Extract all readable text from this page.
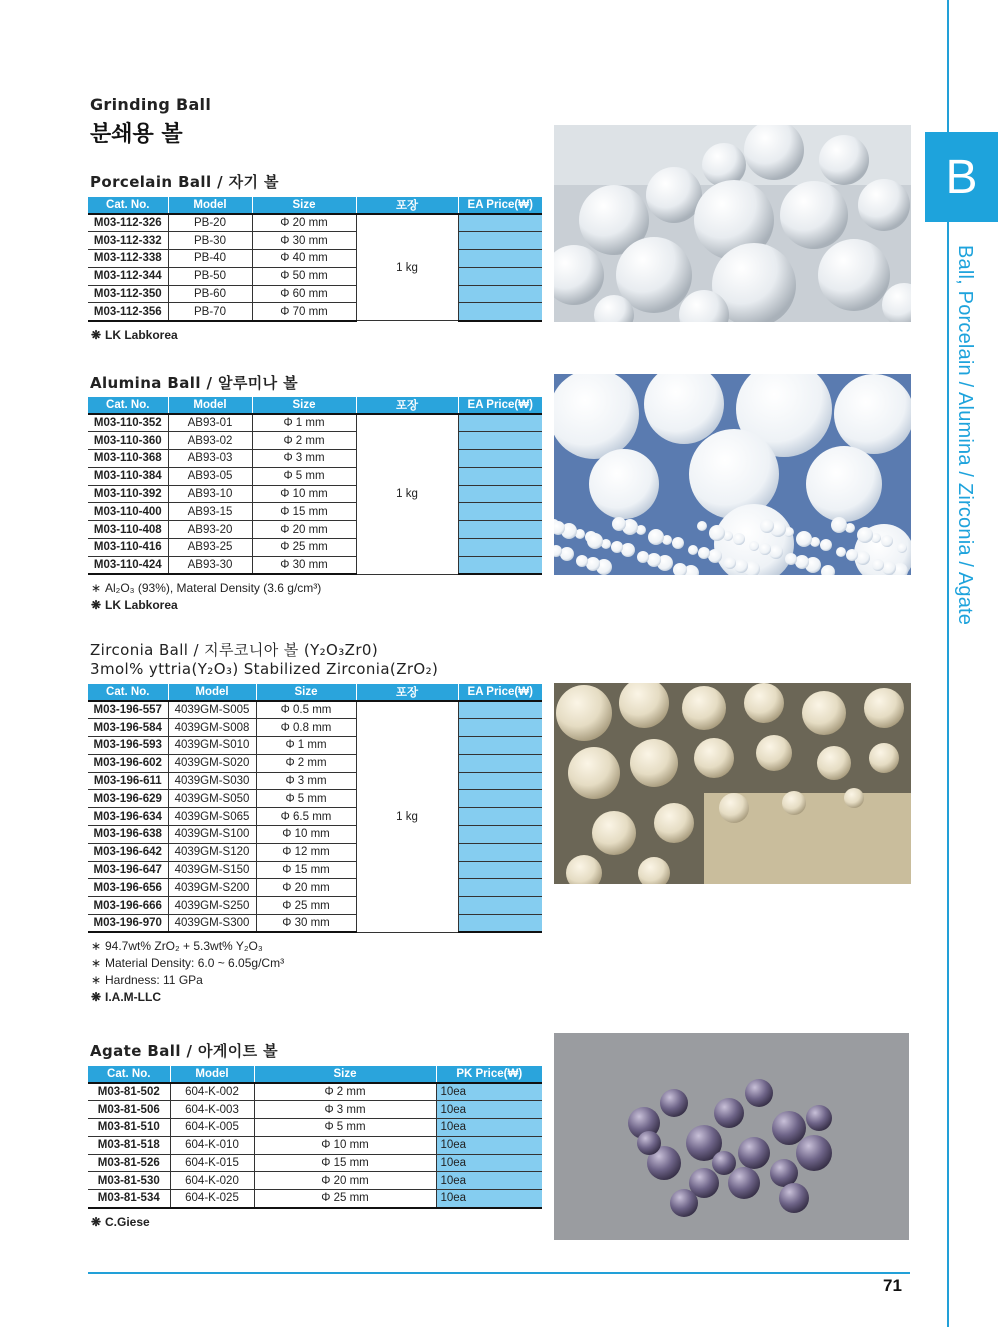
B
Ball, Porcelain / Alumina / Zirconia / Agate
Grinding Ball
분쇄용 볼
Porcelain Ball / 자기 볼
Cat. No.	Model	Size	포장	EA Price(₩)
M03-112-326	PB-20	Φ 20 mm	1 kg	
M03-112-332	PB-30	Φ 30 mm		
M03-112-338	PB-40	Φ 40 mm		
M03-112-344	PB-50	Φ 50 mm		
M03-112-350	PB-60	Φ 60 mm		
M03-112-356	PB-70	Φ 70 mm		
❋ LK Labkorea
Alumina Ball / 알루미나 볼
Cat. No.	Model	Size	포장	EA Price(₩)
M03-110-352	AB93-01	Φ 1 mm	1 kg	
M03-110-360	AB93-02	Φ 2 mm		
M03-110-368	AB93-03	Φ 3 mm		
M03-110-384	AB93-05	Φ 5 mm		
M03-110-392	AB93-10	Φ 10 mm		
M03-110-400	AB93-15	Φ 15 mm		
M03-110-408	AB93-20	Φ 20 mm		
M03-110-416	AB93-25	Φ 25 mm		
M03-110-424	AB93-30	Φ 30 mm		
∗ Al₂O₃ (93%), Materal Density (3.6 g/cm³)
❋ LK Labkorea
Zirconia Ball / 지루코니아 볼 (Y₂O₃Zr0)
3mol% yttria(Y₂O₃) Stabilized Zirconia(ZrO₂)
Cat. No.	Model	Size	포장	EA Price(₩)
M03-196-557	4039GM-S005	Φ 0.5 mm	1 kg	
M03-196-584	4039GM-S008	Φ 0.8 mm		
M03-196-593	4039GM-S010	Φ 1 mm		
M03-196-602	4039GM-S020	Φ 2 mm		
M03-196-611	4039GM-S030	Φ 3 mm		
M03-196-629	4039GM-S050	Φ 5 mm		
M03-196-634	4039GM-S065	Φ 6.5 mm		
M03-196-638	4039GM-S100	Φ 10 mm		
M03-196-642	4039GM-S120	Φ 12 mm		
M03-196-647	4039GM-S150	Φ 15 mm		
M03-196-656	4039GM-S200	Φ 20 mm		
M03-196-666	4039GM-S250	Φ 25 mm		
M03-196-970	4039GM-S300	Φ 30 mm		
∗ 94.7wt% ZrO₂ + 5.3wt% Y₂O₃
∗ Material Density: 6.0 ~ 6.05g/Cm³
∗ Hardness: 11 GPa
❋ I.A.M-LLC
Agate Ball / 아게이트 볼
Cat. No.	Model	Size	PK Price(₩)
M03-81-502	604-K-002	Φ 2 mm	10ea
M03-81-506	604-K-003	Φ 3 mm	10ea
M03-81-510	604-K-005	Φ 5 mm	10ea
M03-81-518	604-K-010	Φ 10 mm	10ea
M03-81-526	604-K-015	Φ 15 mm	10ea
M03-81-530	604-K-020	Φ 20 mm	10ea
M03-81-534	604-K-025	Φ 25 mm	10ea
❋ C.Giese
71
